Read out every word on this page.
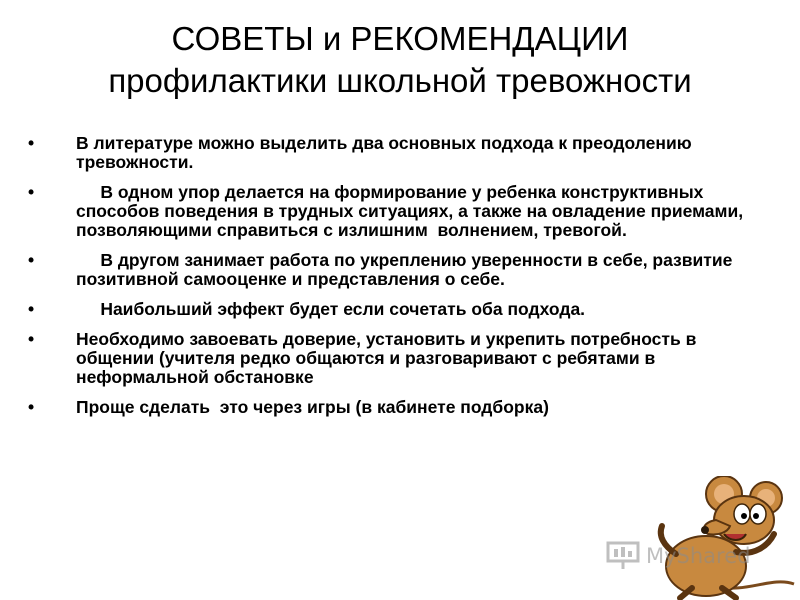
СОВЕТЫ и РЕКОМЕНДАЦИИ
профилактики школьной тревожности
• В литературе можно выделить два основных подхода к преодолению тревожности.
•      В одном упор делается на формирование у ребенка конструктивных способов поведения в трудных ситуациях, а также на овладение приемами, позволяющими справиться с излишним  волнением, тревогой.
•      В другом занимает работа по укреплению уверенности в себе, развитие позитивной самооценке и представления о себе.
•      Наибольший эффект будет если сочетать оба подхода.
• Необходимо завоевать доверие, установить и укрепить потребность в общении (учителя редко общаются и разговаривают с ребятами в неформальной обстановке
• Проще сделать  это через игры (в кабинете подборка)
MyShared
